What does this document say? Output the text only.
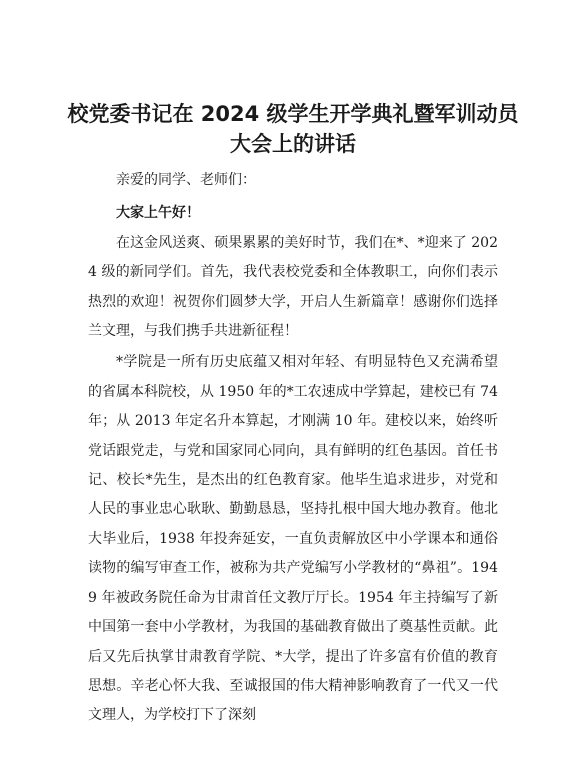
校党委书记在 2024 级学生开学典礼暨军训动员
大会上的讲话

亲爱的同学、老师们：

大家上午好！

在这金风送爽、硕果累累的美好时节，我们在*、*迎来了 2024 级的新同学们。首先，我代表校党委和全体教职工，向你们表示热烈的欢迎！祝贺你们圆梦大学，开启人生新篇章！感谢你们选择兰文理，与我们携手共进新征程！

*学院是一所有历史底蕴又相对年轻、有明显特色又充满希望的省属本科院校，从 1950 年的*工农速成中学算起，建校已有 74 年；从 2013 年定名升本算起，才刚满 10 年。建校以来，始终听党话跟党走，与党和国家同心同向，具有鲜明的红色基因。首任书记、校长*先生，是杰出的红色教育家。他毕生追求进步，对党和人民的事业忠心耿耿、勤勤恳恳，坚持扎根中国大地办教育。他北大毕业后，1938 年投奔延安，一直负责解放区中小学课本和通俗读物的编写审查工作，被称为共产党编写小学教材的“鼻祖”。1949 年被政务院任命为甘肃首任文教厅厅长。1954 年主持编写了新中国第一套中小学教材，为我国的基础教育做出了奠基性贡献。此后又先后执掌甘肃教育学院、*大学，提出了许多富有价值的教育思想。辛老心怀大我、至诚报国的伟大精神影响教育了一代又一代文理人，为学校打下了深刻
